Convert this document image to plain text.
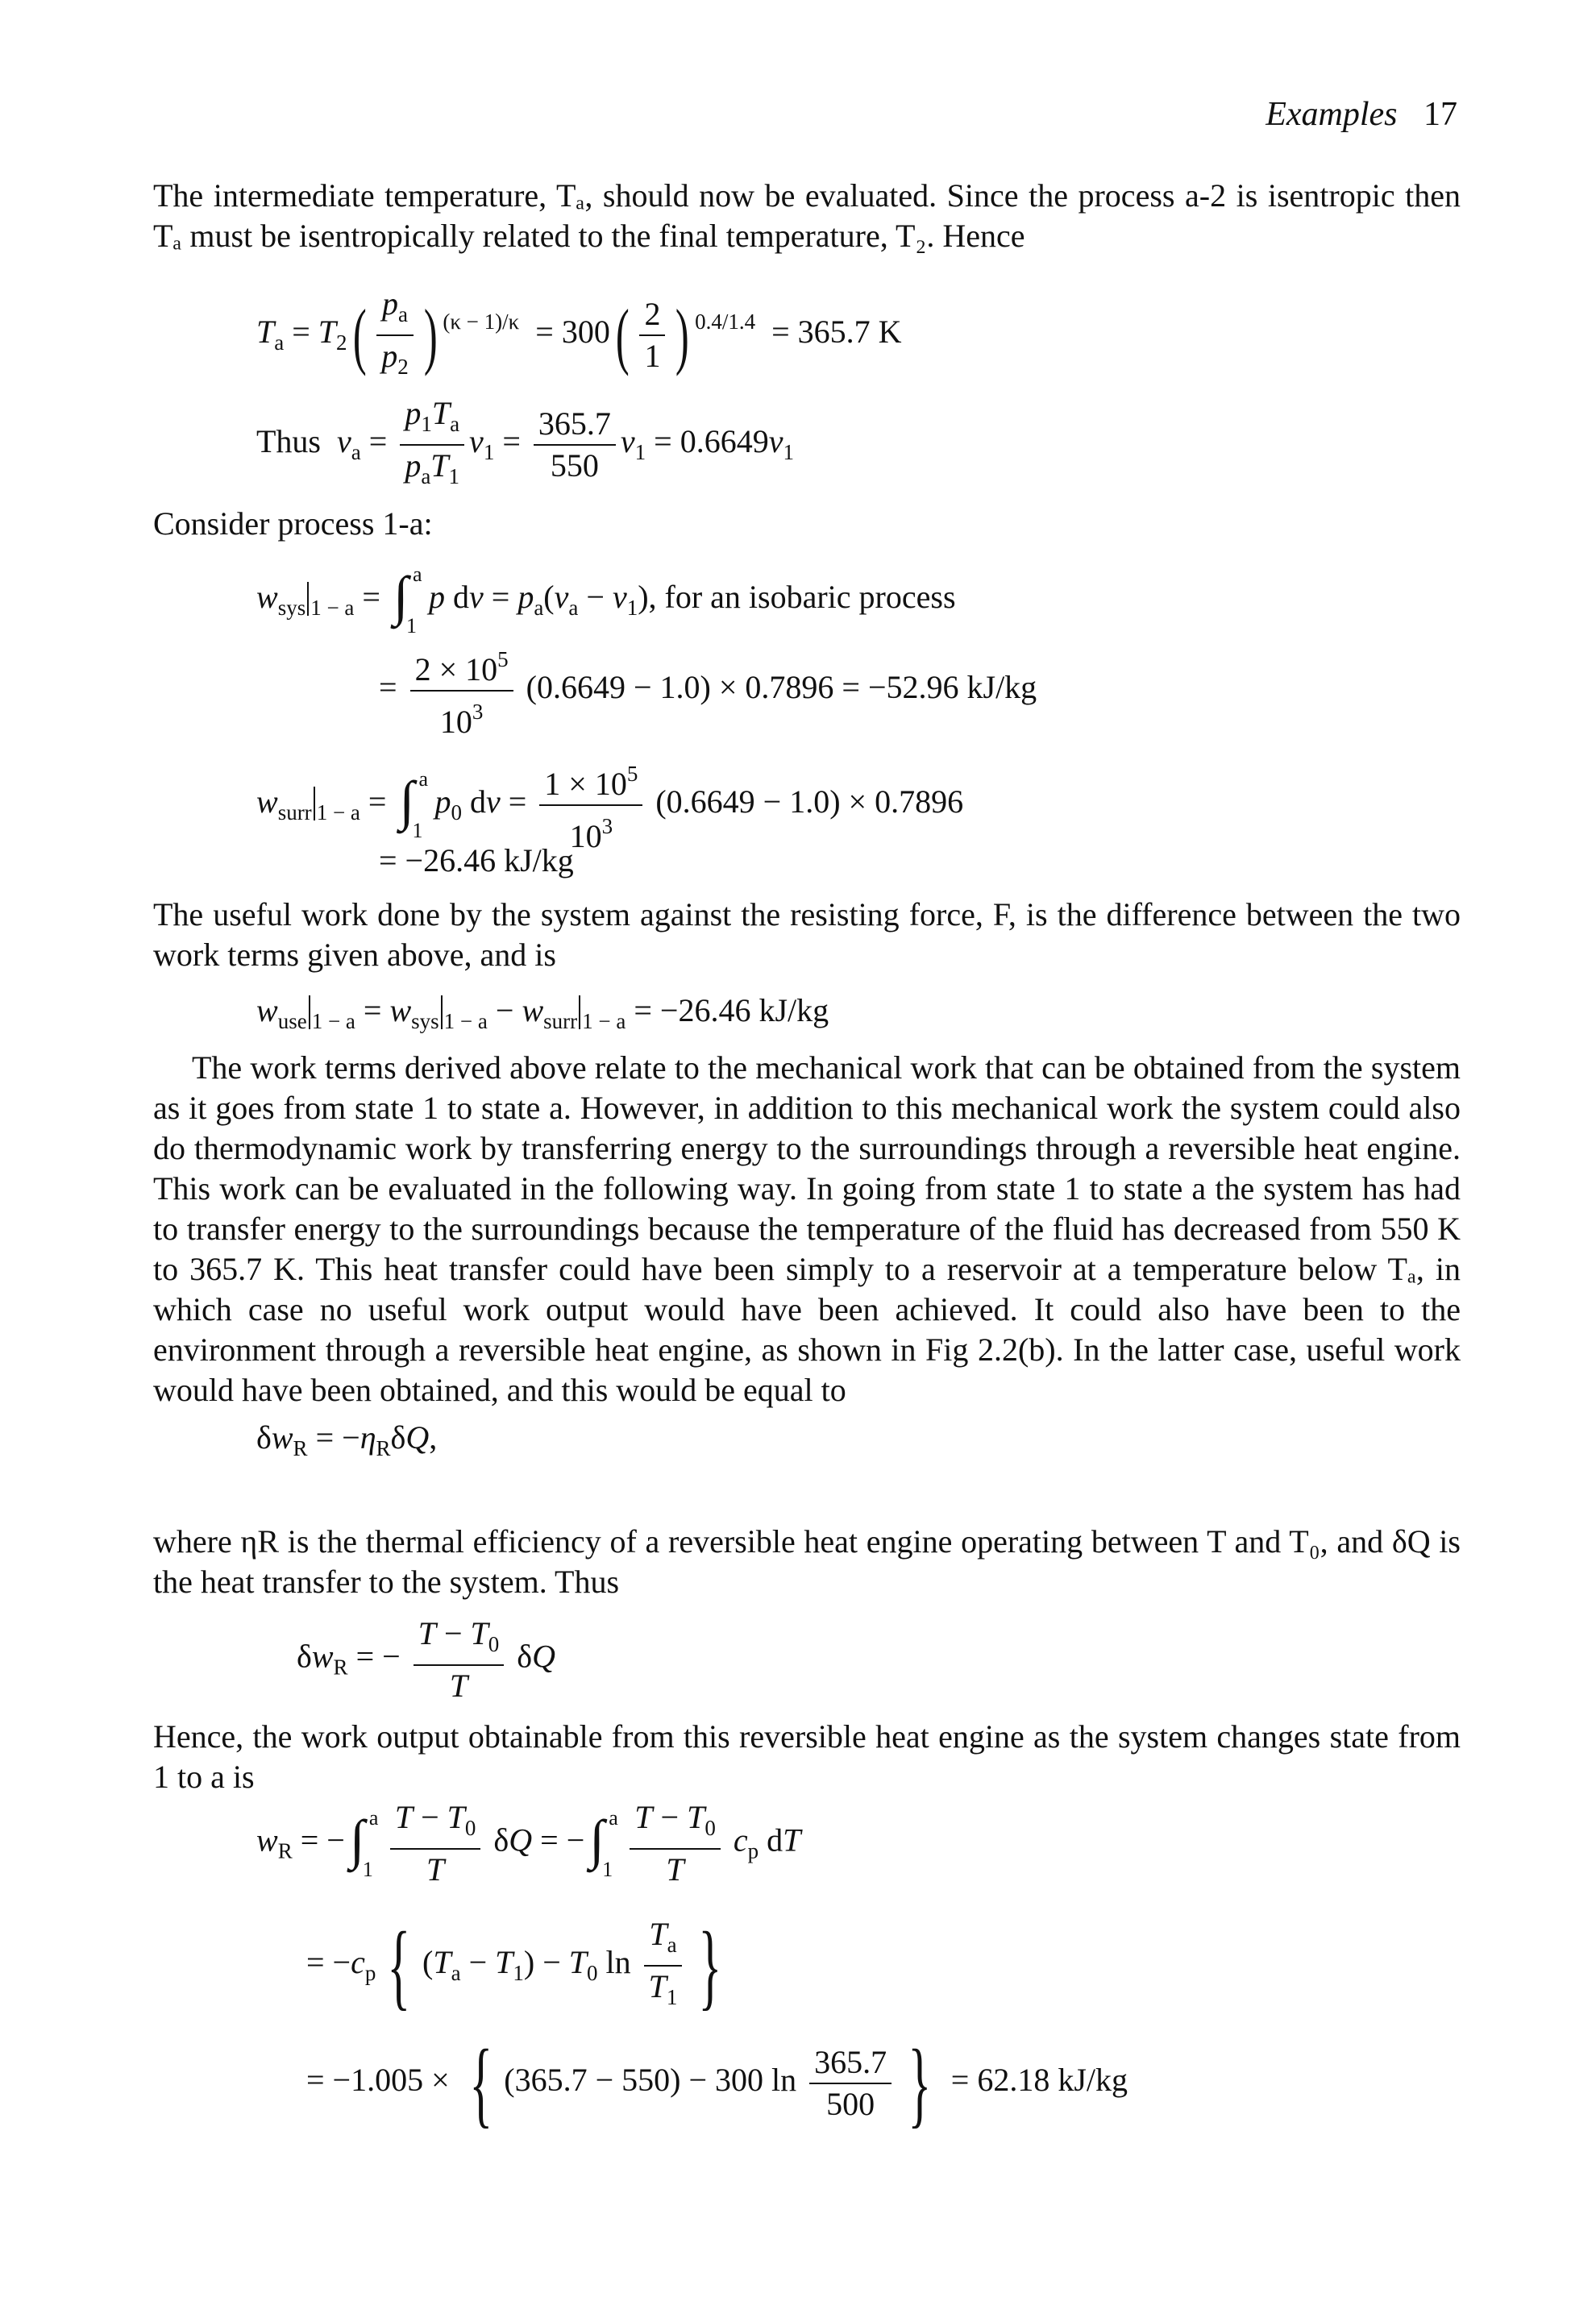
Examples 17
The intermediate temperature, Tₐ, should now be evaluated. Since the process a-2 is isentropic then Tₐ must be isentropically related to the final temperature, T₂. Hence
$T_a = T_2( \frac{p_a}{p_2}$ ) $^{(\kappa - 1)/\kappa} = 300( \frac{2}{1}$ ) $^{0.4/1.4}$ = 365.7 K
Thus $v_a = \frac{p_1T_a}{p_aT_1} v_1 = \frac{365.7}{550} v_1 = 0.6649v_1$
Consider process 1-a:
$w_{sys}$ $_{1 - a}$ = ∫ a
1
p dv = $p_a(v_a - v_1)$, for an isobaric process
= $\frac{2 \times 10^5}{10^3} (0.6649 - 1.0) \times 0.7896 = -52.96$ kJ/kg
$w_{surr}$ $_{1 - a}$ = ∫ a
1
$p_0$ dv = $\frac{1 \times 10^5}{10^3} (0.6649 - 1.0) \times 0.7896$
= −26.46 kJ/kg
The useful work done by the system against the resisting force, F, is the difference between the two work terms given above, and is
$w_{use}$ $_{1 - a} = w_{sys}$ $_{1 - a} - w_{surr}$ $_{1 - a}$ = −26.46 kJ/kg
The work terms derived above relate to the mechanical work that can be obtained from the system as it goes from state 1 to state a. However, in addition to this mechanical work the system could also do thermodynamic work by transferring energy to the surroundings through a reversible heat engine. This work can be evaluated in the following way. In going from state 1 to state a the system has had to transfer energy to the surroundings because the temperature of the fluid has decreased from 550 K to 365.7 K. This heat transfer could have been simply to a reservoir at a temperature below Tₐ, in which case no useful work output would have been achieved. It could also have been to the environment through a reversible heat engine, as shown in Fig 2.2(b). In the latter case, useful work would have been obtained, and this would be equal to
$\delta w_R = -\eta_R\delta Q$,
where ηR is the thermal efficiency of a reversible heat engine operating between T and T₀, and δQ is the heat transfer to the system. Thus
$\delta w_R$ = − $\frac{T - T_0}{T}$ δQ
Hence, the work output obtainable from this reversible heat engine as the system changes state from 1 to a is
$w_R$ = − ∫ a
1
$\frac{T - T_0}{T}$ δQ = − ∫ a
1
$\frac{T - T_0}{T} c_p$ dT
= $-c_p$ { $(T_a - T_1) - T_0$ $\ln \frac{T_a}{T_1}$ }
= −1.005 × { (365.7 − 550) − 300 $\ln \frac{365.7}{500}$ } = 62.18 kJ/kg
